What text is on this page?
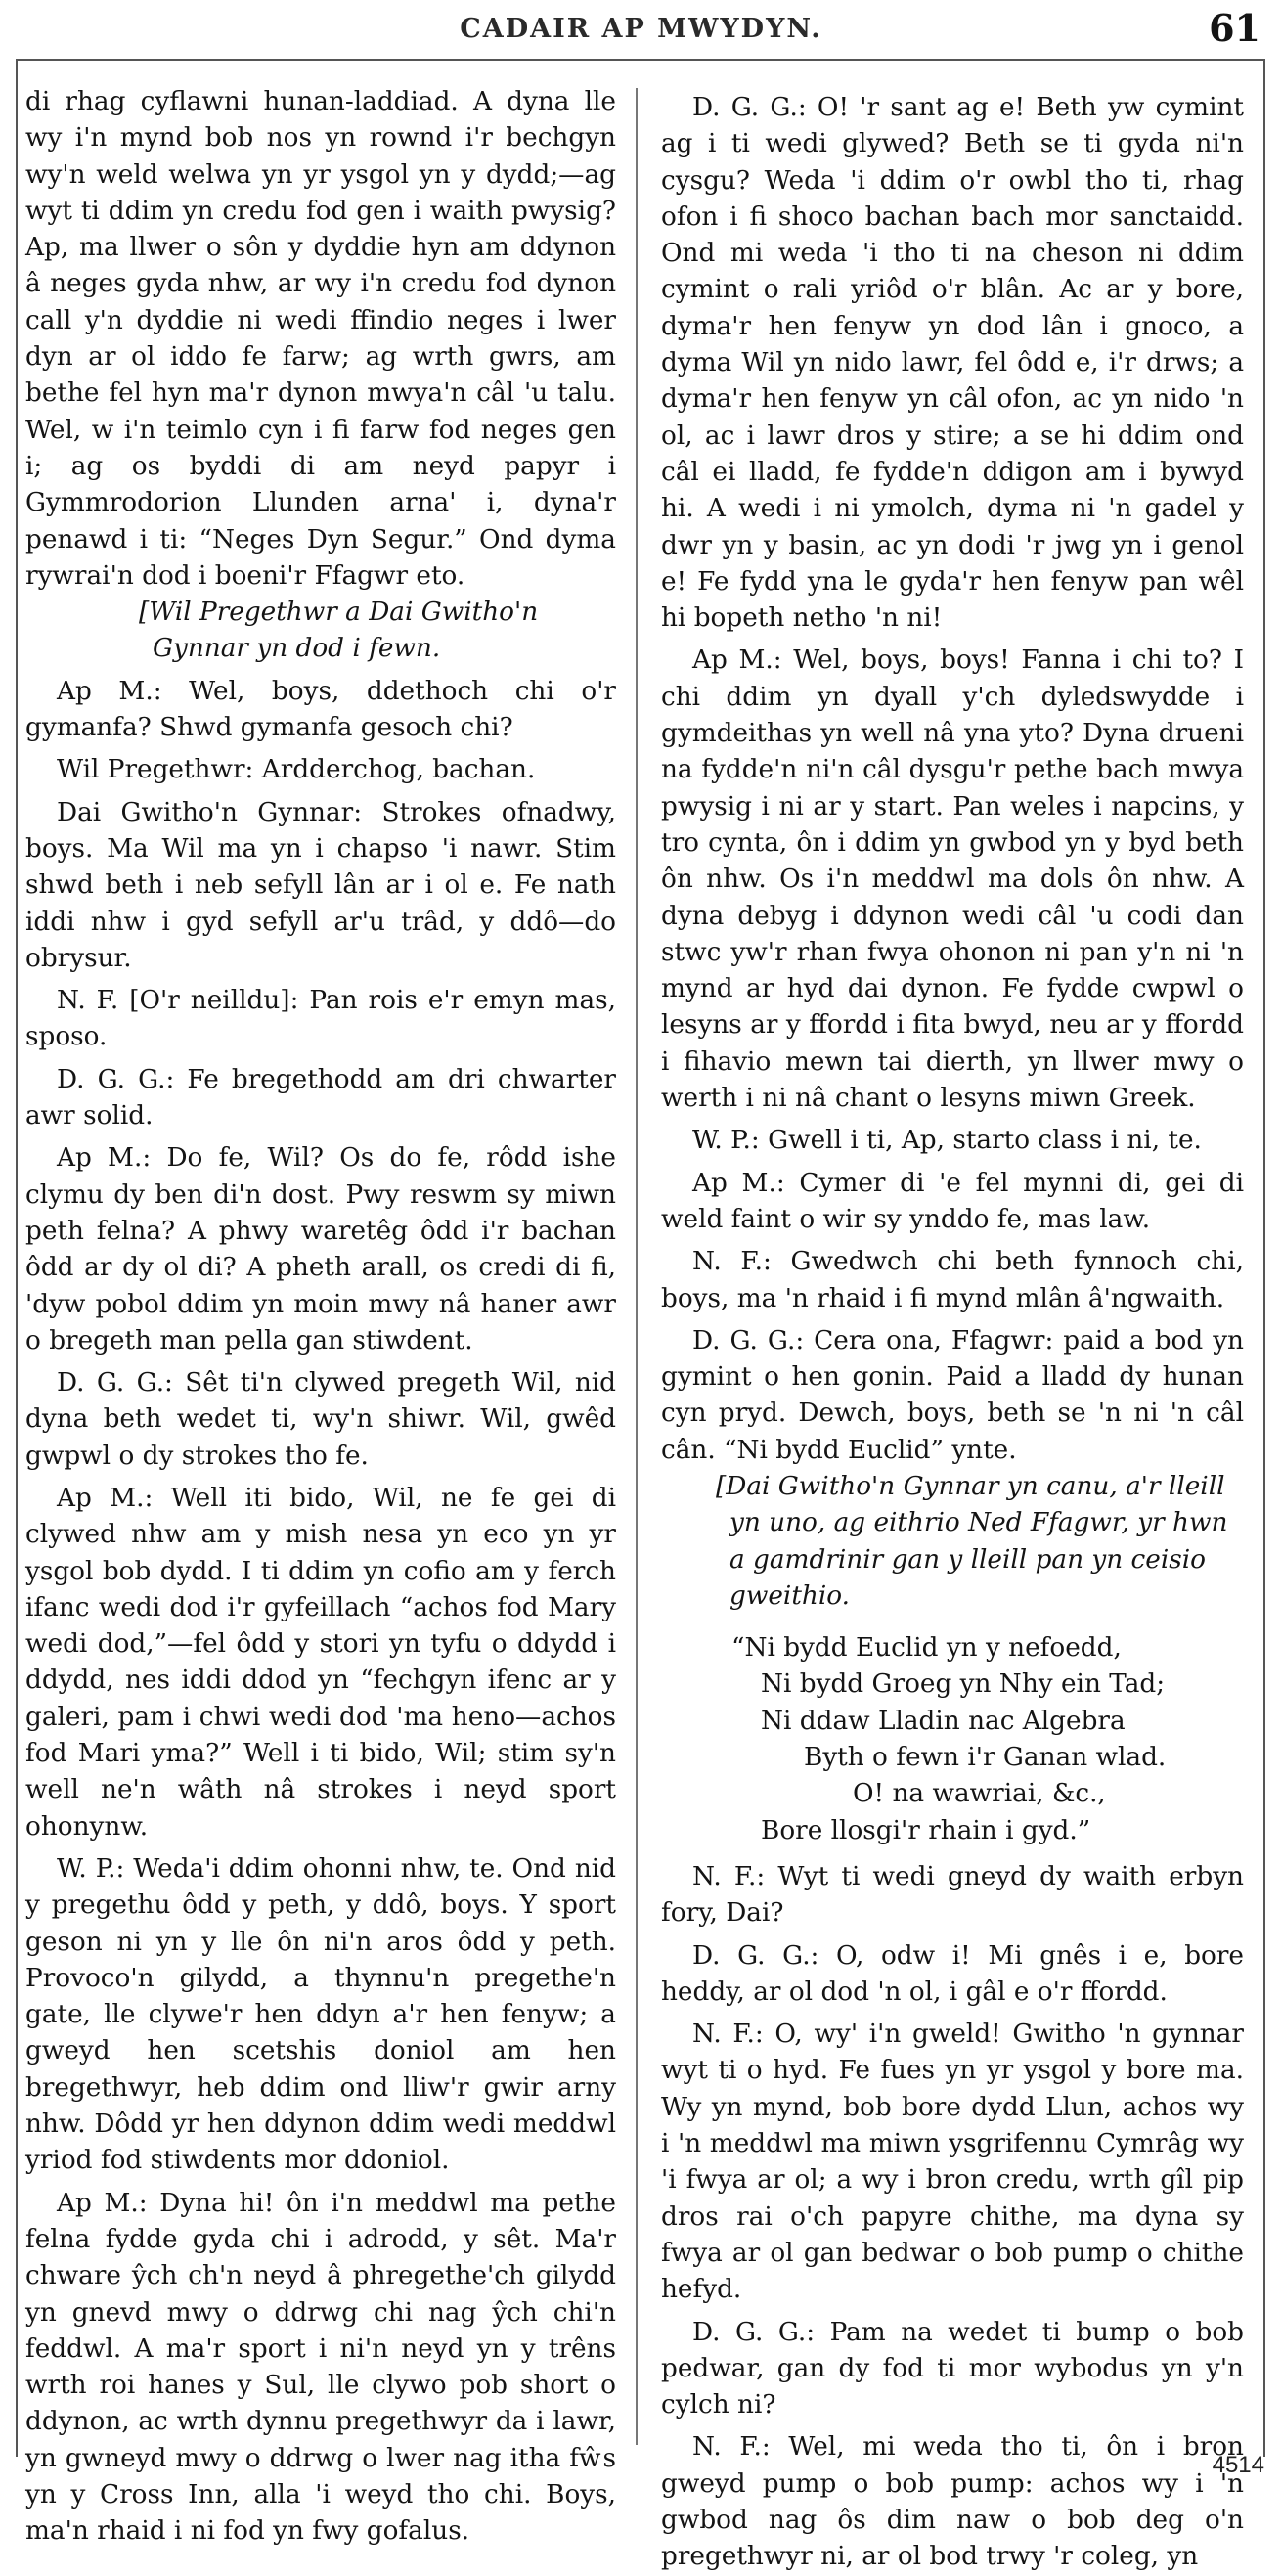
CADAIR AP MWYDYN.	61

di rhag cyflawni hunan-laddiad. A dyna lle wy i'n mynd bob nos yn rownd i'r bechgyn wy'n weld welwa yn yr ysgol yn y dydd;—ag wyt ti ddim yn credu fod gen i waith pwysig? Ap, ma llwer o sôn y dyddie hyn am ddynon â neges gyda nhw, ar wy i'n credu fod dynon call y'n dyddie ni wedi ffindio neges i lwer dyn ar ol iddo fe farw; ag wrth gwrs, am bethe fel hyn ma'r dynon mwya'n câl 'u talu. Wel, w i'n teimlo cyn i fi farw fod neges gen i; ag os byddi di am neyd papyr i Gymmrodorion Llunden arna' i, dyna'r penawd i ti: “Neges Dyn Segur.” Ond dyma rywrai'n dod i boeni'r Ffagwr eto.

[Wil Pregethwr a Dai Gwitho'n Gynnar yn dod i fewn.

Ap M.: Wel, boys, ddethoch chi o'r gymanfa? Shwd gymanfa gesoch chi?

Wil Pregethwr: Ardderchog, bachan.

Dai Gwitho'n Gynnar: Strokes ofnadwy, boys. Ma Wil ma yn i chapso 'i nawr. Stim shwd beth i neb sefyll lân ar i ol e. Fe nath iddi nhw i gyd sefyll ar'u trâd, y ddô—do obrysur.

N. F. [O'r neilldu]: Pan rois e'r emyn mas, sposo.

D. G. G.: Fe bregethodd am dri chwarter awr solid.

Ap M.: Do fe, Wil? Os do fe, rôdd ishe clymu dy ben di'n dost. Pwy reswm sy miwn peth felna? A phwy waretêg ôdd i'r bachan ôdd ar dy ol di? A pheth arall, os credi di fi, 'dyw pobol ddim yn moin mwy nâ haner awr o bregeth man pella gan stiwdent.

D. G. G.: Sêt ti'n clywed pregeth Wil, nid dyna beth wedet ti, wy'n shiwr. Wil, gwêd gwpwl o dy strokes tho fe.

Ap M.: Well iti bido, Wil, ne fe gei di clywed nhw am y mish nesa yn eco yn yr ysgol bob dydd. I ti ddim yn cofio am y ferch ifanc wedi dod i'r gyfeillach “achos fod Mary wedi dod,”—fel ôdd y stori yn tyfu o ddydd i ddydd, nes iddi ddod yn “fechgyn ifenc ar y galeri, pam i chwi wedi dod 'ma heno—achos fod Mari yma?” Well i ti bido, Wil; stim sy'n well ne'n wâth nâ strokes i neyd sport ohonynw.

W. P.: Weda'i ddim ohonni nhw, te. Ond nid y pregethu ôdd y peth, y ddô, boys. Y sport geson ni yn y lle ôn ni'n aros ôdd y peth. Provoco'n gilydd, a thynnu'n pregethe'n gate, lle clywe'r hen ddyn a'r hen fenyw; a gweyd hen scetshis doniol am hen bregethwyr, heb ddim ond lliw'r gwir arny nhw. Dôdd yr hen ddynon ddim wedi meddwl yriod fod stiwdents mor ddoniol.

Ap M.: Dyna hi! ôn i'n meddwl ma pethe felna fydde gyda chi i adrodd, y sêt. Ma'r chware ŷch ch'n neyd â phregethe'ch gilydd yn gnevd mwy o ddrwg chi nag ŷch chi'n feddwl. A ma'r sport i ni'n neyd yn y trêns wrth roi hanes y Sul, lle clywo pob short o ddynon, ac wrth dynnu pregethwyr da i lawr, yn gwneyd mwy o ddrwg o lwer nag itha fŵs yn y Cross Inn, alla 'i weyd tho chi. Boys, ma'n rhaid i ni fod yn fwy gofalus.

D. G. G.: O! 'r sant ag e! Beth yw cymint ag i ti wedi glywed? Beth se ti gyda ni'n cysgu? Weda 'i ddim o'r owbl tho ti, rhag ofon i fi shoco bachan bach mor sanctaidd. Ond mi weda 'i tho ti na cheson ni ddim cymint o rali yriôd o'r blân. Ac ar y bore, dyma'r hen fenyw yn dod lân i gnoco, a dyma Wil yn nido lawr, fel ôdd e, i'r drws; a dyma'r hen fenyw yn câl ofon, ac yn nido 'n ol, ac i lawr dros y stire; a se hi ddim ond câl ei lladd, fe fydde'n ddigon am i bywyd hi. A wedi i ni ymolch, dyma ni 'n gadel y dwr yn y basin, ac yn dodi 'r jwg yn i genol e! Fe fydd yna le gyda'r hen fenyw pan wêl hi bopeth netho 'n ni!

Ap M.: Wel, boys, boys! Fanna i chi to? I chi ddim yn dyall y'ch dyledswydde i gymdeithas yn well nâ yna yto? Dyna drueni na fydde'n ni'n câl dysgu'r pethe bach mwya pwysig i ni ar y start. Pan weles i napcins, y tro cynta, ôn i ddim yn gwbod yn y byd beth ôn nhw. Os i'n meddwl ma dols ôn nhw. A dyna debyg i ddynon wedi câl 'u codi dan stwc yw'r rhan fwya ohonon ni pan y'n ni 'n mynd ar hyd dai dynon. Fe fydde cwpwl o lesyns ar y ffordd i fita bwyd, neu ar y ffordd i fihavio mewn tai dierth, yn llwer mwy o werth i ni nâ chant o lesyns miwn Greek.

W. P.: Gwell i ti, Ap, starto class i ni, te.

Ap M.: Cymer di 'e fel mynni di, gei di weld faint o wir sy ynddo fe, mas law.

N. F.: Gwedwch chi beth fynnoch chi, boys, ma 'n rhaid i fi mynd mlân â'ngwaith.

D. G. G.: Cera ona, Ffagwr: paid a bod yn gymint o hen gonin. Paid a lladd dy hunan cyn pryd. Dewch, boys, beth se 'n ni 'n câl cân. “Ni bydd Euclid” ynte.

[Dai Gwitho'n Gynnar yn canu, a'r lleill yn uno, ag eithrio Ned Ffagwr, yr hwn a gamdrinir gan y lleill pan yn ceisio gweithio.

“Ni bydd Euclid yn y nefoedd,

Ni bydd Groeg yn Nhy ein Tad;

Ni ddaw Lladin nac Algebra

Byth o fewn i'r Ganan wlad.

O! na wawriai, &c.,

Bore llosgi'r rhain i gyd.”

N. F.: Wyt ti wedi gneyd dy waith erbyn fory, Dai?

D. G. G.: O, odw i! Mi gnês i e, bore heddy, ar ol dod 'n ol, i gâl e o'r ffordd.

N. F.: O, wy' i'n gweld! Gwitho 'n gynnar wyt ti o hyd. Fe fues yn yr ysgol y bore ma. Wy yn mynd, bob bore dydd Llun, achos wy i 'n meddwl ma miwn ysgrifennu Cymrâg wy 'i fwya ar ol; a wy i bron credu, wrth gîl pip dros rai o'ch papyre chithe, ma dyna sy fwya ar ol gan bedwar o bob pump o chithe hefyd.

D. G. G.: Pam na wedet ti bump o bob pedwar, gan dy fod ti mor wybodus yn y'n cylch ni?

N. F.: Wel, mi weda tho ti, ôn i bron gweyd pump o bob pump: achos wy i 'n gwbod nag ôs dim naw o bob deg o'n pregethwyr ni, ar ol bod trwy 'r coleg, yn

4514
